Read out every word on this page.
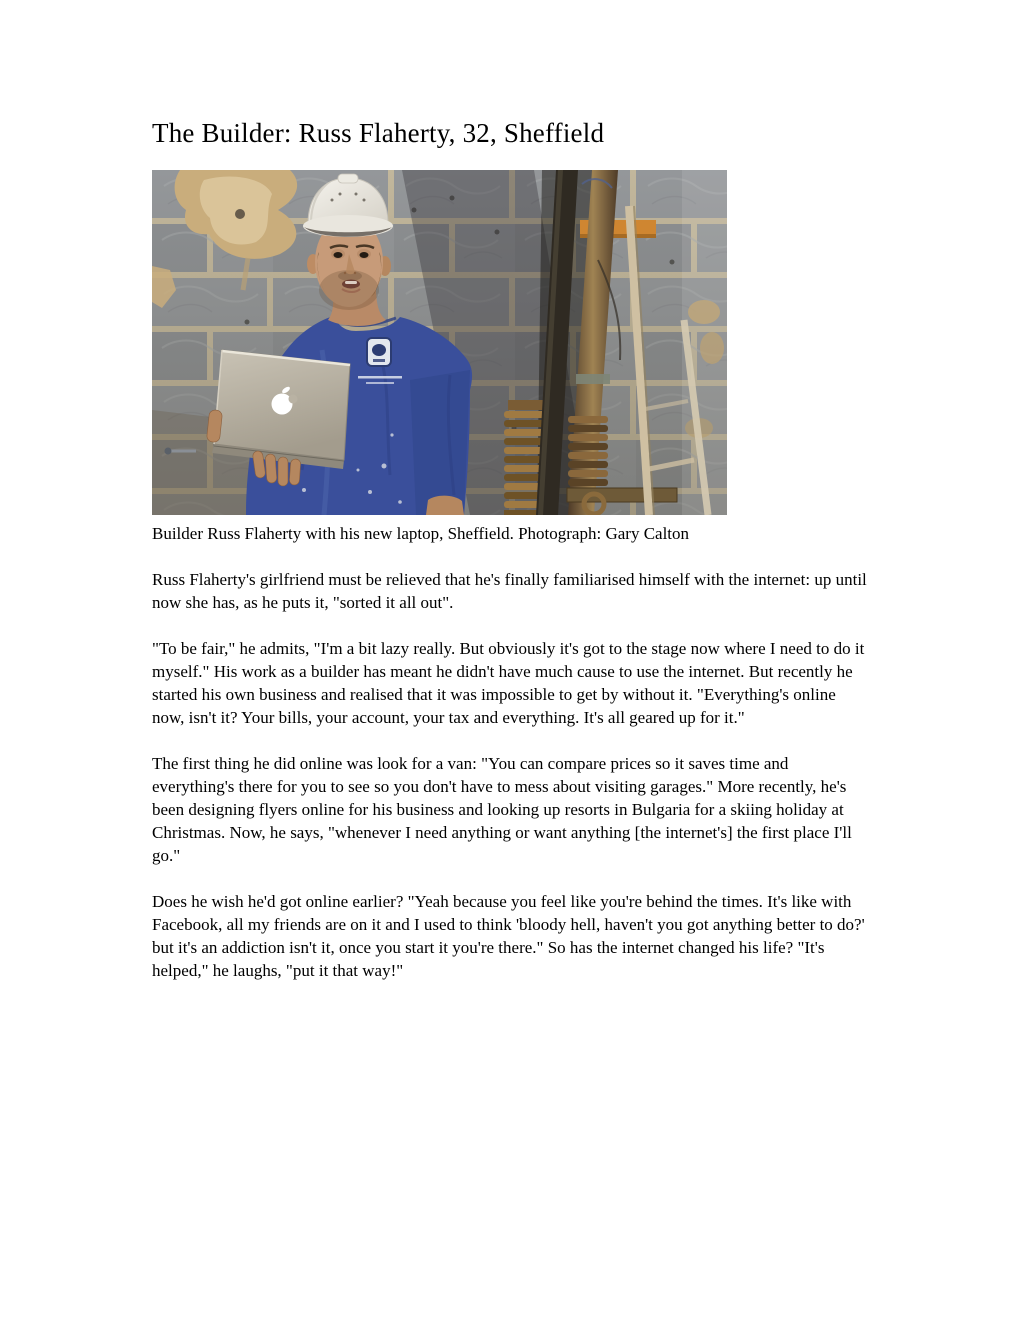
The Builder: Russ Flaherty, 32, Sheffield

Builder Russ Flaherty with his new laptop, Sheffield. Photograph: Gary Calton

Russ Flaherty's girlfriend must be relieved that he's finally familiarised himself with the internet: up until now she has, as he puts it, "sorted it all out".

"To be fair," he admits, "I'm a bit lazy really. But obviously it's got to the stage now where I need to do it myself." His work as a builder has meant he didn't have much cause to use the internet. But recently he started his own business and realised that it was impossible to get by without it. "Everything's online now, isn't it? Your bills, your account, your tax and everything. It's all geared up for it."

The first thing he did online was look for a van: "You can compare prices so it saves time and everything's there for you to see so you don't have to mess about visiting garages." More recently, he's been designing flyers online for his business and looking up resorts in Bulgaria for a skiing holiday at Christmas. Now, he says, "whenever I need anything or want anything [the internet's] the first place I'll go."

Does he wish he'd got online earlier? "Yeah because you feel like you're behind the times. It's like with Facebook, all my friends are on it and I used to think 'bloody hell, haven't you got anything better to do?' but it's an addiction isn't it, once you start it you're there." So has the internet changed his life? "It's helped," he laughs, "put it that way!"
